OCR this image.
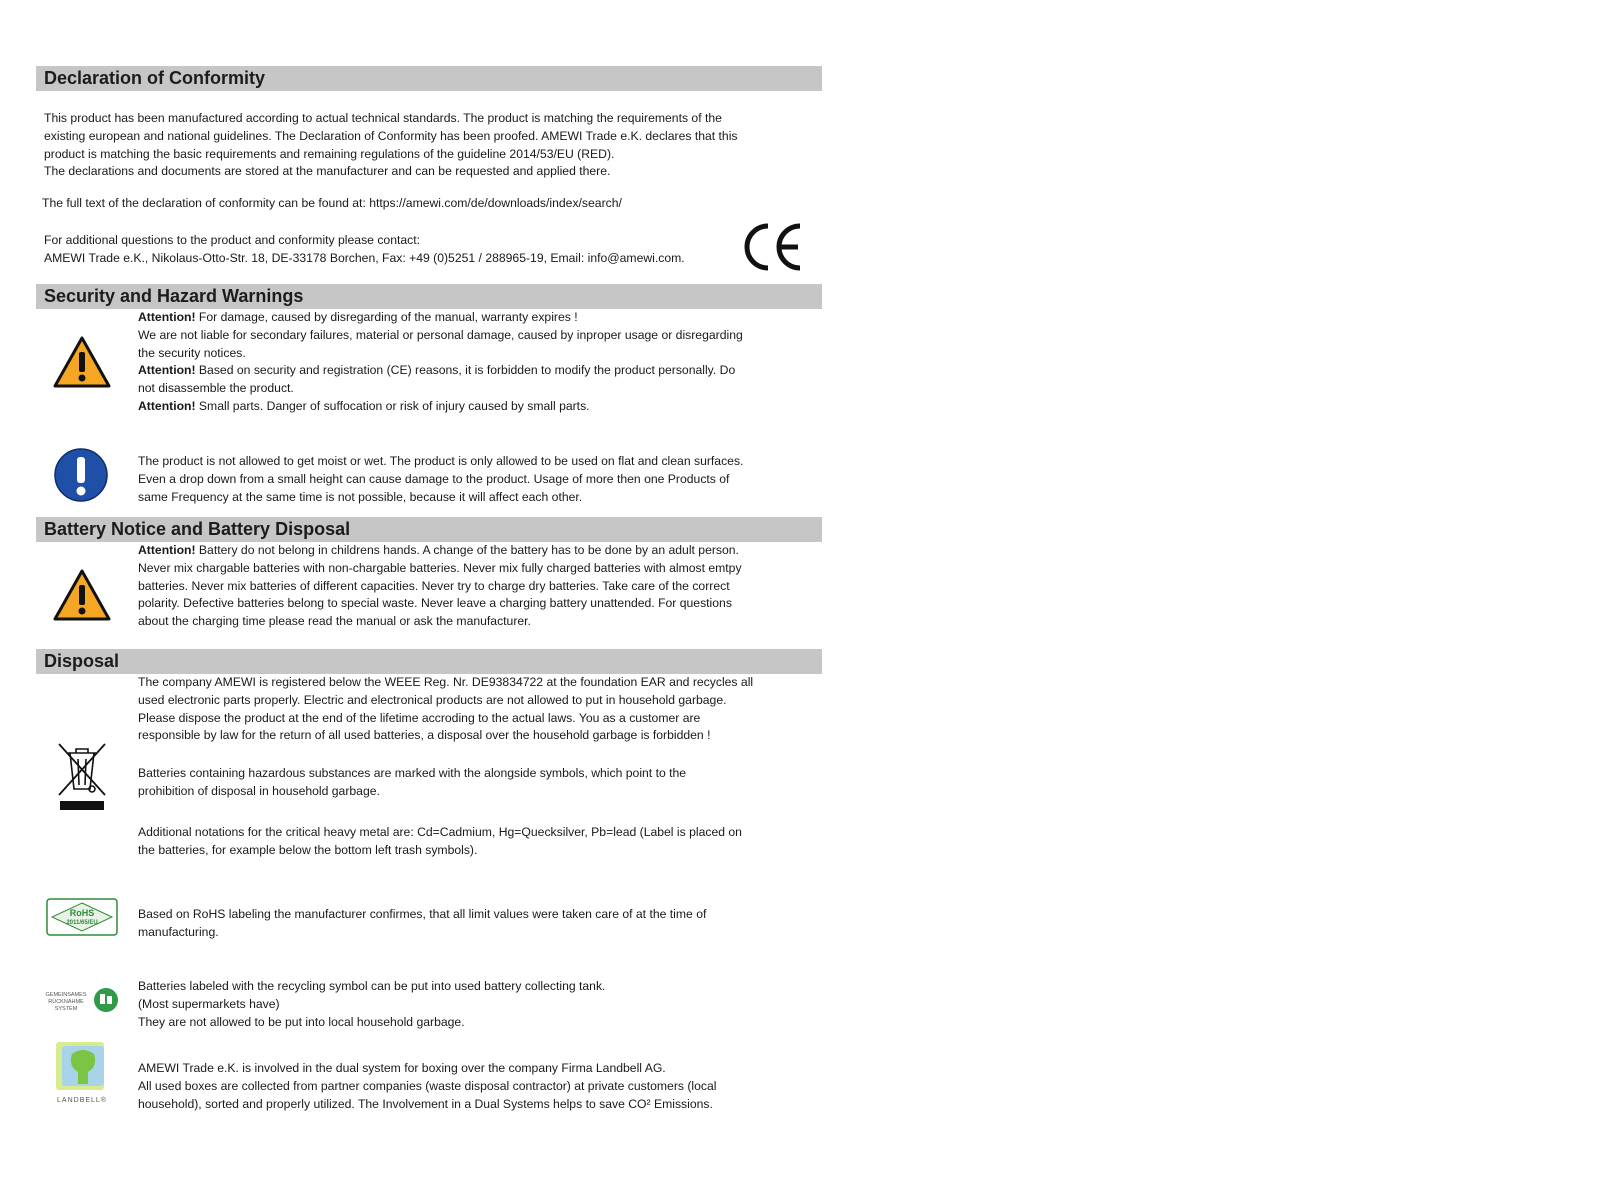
Declaration of Conformity

This product has been manufactured according to actual technical standards. The product is matching the requirements of the
existing european and national guidelines. The Declaration of Conformity has been proofed. AMEWI Trade e.K. declares that this
product is matching the basic requirements and remaining regulations of the guideline 2014/53/EU (RED).
The declarations and documents are stored at the manufacturer and can be requested and applied there.

The full text of the declaration of conformity can be found at: https://amewi.com/de/downloads/index/search/

For additional questions to the product and conformity please contact:
AMEWI Trade e.K., Nikolaus-Otto-Str. 18, DE-33178 Borchen, Fax: +49 (0)5251 / 288965-19, Email: info@amewi.com.

Security and Hazard Warnings

Attention! For damage, caused by disregarding of the manual, warranty expires !
We are not liable for secondary failures, material or personal damage, caused by inproper usage or disregarding
the security notices.
Attention! Based on security and registration (CE) reasons, it is forbidden to modify the product personally. Do
not disassemble the product.
Attention! Small parts. Danger of suffocation or risk of injury caused by small parts.

The product is not allowed to get moist or wet. The product is only allowed to be used on flat and clean surfaces.
Even a drop down from a small height can cause damage to the product. Usage of more then one Products of
same Frequency at the same time is not possible, because it will affect each other.

Battery Notice and Battery Disposal

Attention! Battery do not belong in childrens hands. A change of the battery has to be done by an adult person.
Never mix chargable batteries with non-chargable batteries. Never mix fully charged batteries with almost emtpy
batteries. Never mix batteries of different capacities. Never try to charge dry batteries. Take care of the correct
polarity. Defective batteries belong to special waste. Never leave a charging battery unattended. For questions
about the charging time please read the manual or ask the manufacturer.

Disposal

The company AMEWI is registered below the WEEE Reg. Nr. DE93834722 at the foundation EAR and recycles all
used electronic parts properly. Electric and electronical products are not allowed to put in household garbage.
Please dispose the product at the end of the lifetime accroding to the actual laws. You as a customer are
responsible by law for the return of all used batteries, a disposal over the household garbage is forbidden !

Batteries containing hazardous substances are marked with the alongside symbols, which point to the
prohibition of disposal in household garbage.

Additional notations for the critical heavy metal are: Cd=Cadmium, Hg=Quecksilver, Pb=lead (Label is placed on
the batteries, for example below the bottom left trash symbols).

RoHS
2011/65/EU

Based on RoHS labeling the manufacturer confirmes, that all limit values were taken care of at the time of
manufacturing.

GEMEINSAMES
RÜCKNAHME
SYSTEM

Batteries labeled with the recycling symbol can be put into used battery collecting tank.
(Most supermarkets have)
They are not allowed to be put into local household garbage.

LANDBELL®

AMEWI Trade e.K. is involved in the dual system for boxing over the company Firma Landbell AG.
All used boxes are collected from partner companies (waste disposal contractor) at private customers (local
household), sorted and properly utilized. The Involvement in a Dual Systems helps to save CO² Emissions.
